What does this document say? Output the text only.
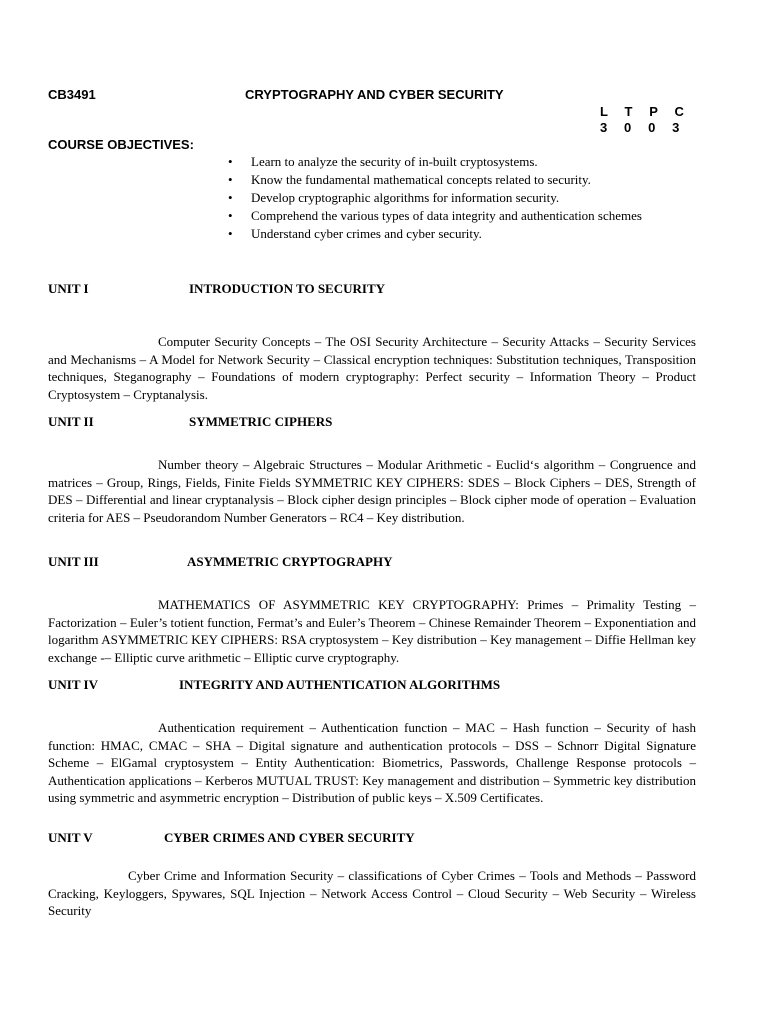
CB3491	CRYPTOGRAPHY AND CYBER SECURITY
L T P C
3 0 0 3
COURSE OBJECTIVES:
• Learn to analyze the security of in-built cryptosystems.
• Know the fundamental mathematical concepts related to security.
• Develop cryptographic algorithms for information security.
• Comprehend the various types of data integrity and authentication schemes
• Understand cyber crimes and cyber security.
UNIT I	INTRODUCTION TO SECURITY

Computer Security Concepts – The OSI Security Architecture – Security Attacks – Security Services and Mechanisms – A Model for Network Security – Classical encryption techniques: Substitution techniques, Transposition techniques, Steganography – Foundations of modern cryptography: Perfect security – Information Theory – Product Cryptosystem – Cryptanalysis.

UNIT II	SYMMETRIC CIPHERS

Number theory – Algebraic Structures – Modular Arithmetic - Euclid‘s algorithm – Congruence and matrices – Group, Rings, Fields, Finite Fields SYMMETRIC KEY CIPHERS: SDES – Block Ciphers – DES, Strength of DES – Differential and linear cryptanalysis – Block cipher design principles – Block cipher mode of operation – Evaluation criteria for AES – Pseudorandom Number Generators – RC4 – Key distribution.

UNIT III	ASYMMETRIC CRYPTOGRAPHY

MATHEMATICS OF ASYMMETRIC KEY CRYPTOGRAPHY: Primes – Primality Testing – Factorization – Euler’s totient function, Fermat’s and Euler’s Theorem – Chinese Remainder Theorem – Exponentiation and logarithm ASYMMETRIC KEY CIPHERS: RSA cryptosystem – Key distribution – Key management – Diffie Hellman key exchange -– Elliptic curve arithmetic – Elliptic curve cryptography.

UNIT IV	INTEGRITY AND AUTHENTICATION ALGORITHMS

Authentication requirement – Authentication function – MAC – Hash function – Security of hash function: HMAC, CMAC – SHA – Digital signature and authentication protocols – DSS – Schnorr Digital Signature Scheme – ElGamal cryptosystem – Entity Authentication: Biometrics, Passwords, Challenge Response protocols – Authentication applications – Kerberos MUTUAL TRUST: Key management and distribution – Symmetric key distribution using symmetric and asymmetric encryption – Distribution of public keys – X.509 Certificates.

UNIT V	CYBER CRIMES AND CYBER SECURITY

Cyber Crime and Information Security – classifications of Cyber Crimes – Tools and Methods – Password Cracking, Keyloggers, Spywares, SQL Injection – Network Access Control – Cloud Security – Web Security – Wireless Security
